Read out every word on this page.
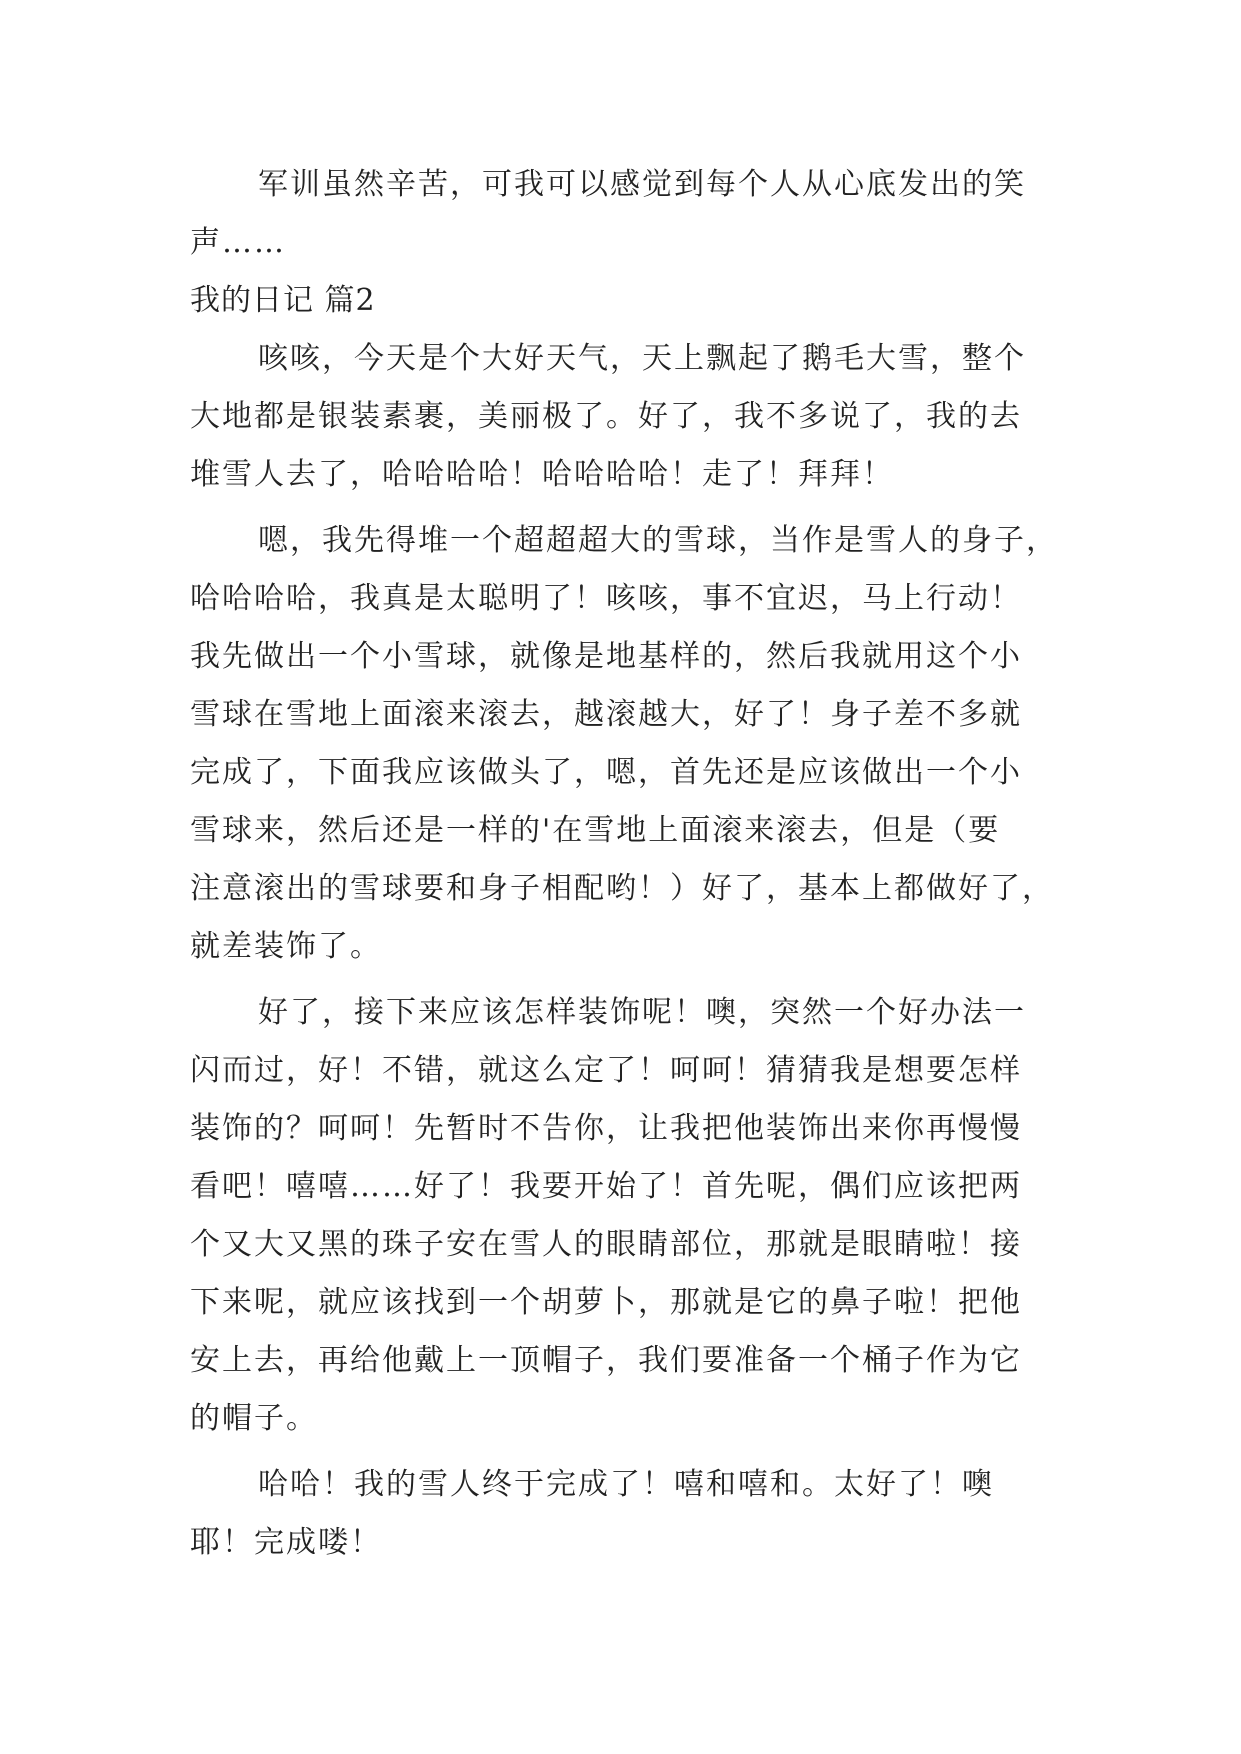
军训虽然辛苦，可我可以感觉到每个人从心底发出的笑
声……

我的日记 篇2

咳咳，今天是个大好天气，天上飘起了鹅毛大雪，整个
大地都是银装素裹，美丽极了。好了，我不多说了，我的去
堆雪人去了，哈哈哈哈！哈哈哈哈！走了！拜拜！

嗯，我先得堆一个超超超大的雪球，当作是雪人的身子，
哈哈哈哈，我真是太聪明了！咳咳，事不宜迟，马上行动！
我先做出一个小雪球，就像是地基样的，然后我就用这个小
雪球在雪地上面滚来滚去，越滚越大，好了！身子差不多就
完成了，下面我应该做头了，嗯，首先还是应该做出一个小
雪球来，然后还是一样的'在雪地上面滚来滚去，但是（要
注意滚出的雪球要和身子相配哟！）好了，基本上都做好了，
就差装饰了。

好了，接下来应该怎样装饰呢！噢，突然一个好办法一
闪而过，好！不错，就这么定了！呵呵！猜猜我是想要怎样
装饰的？呵呵！先暂时不告你，让我把他装饰出来你再慢慢
看吧！嘻嘻……好了！我要开始了！首先呢，偶们应该把两
个又大又黑的珠子安在雪人的眼睛部位，那就是眼睛啦！接
下来呢，就应该找到一个胡萝卜，那就是它的鼻子啦！把他
安上去，再给他戴上一顶帽子，我们要准备一个桶子作为它
的帽子。

哈哈！我的雪人终于完成了！嘻和嘻和。太好了！噢
耶！完成喽！
